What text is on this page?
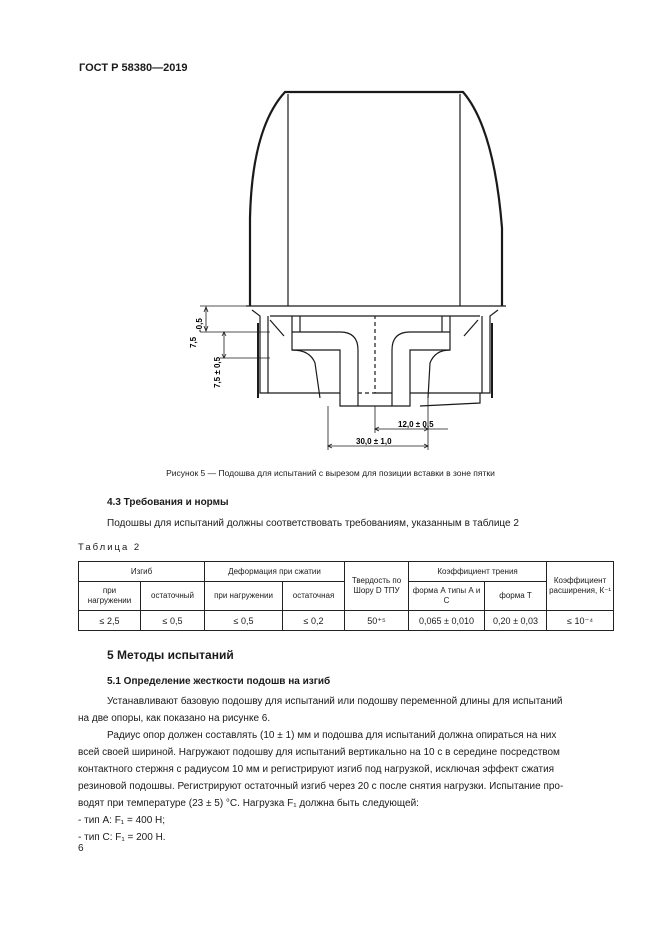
ГОСТ Р 58380—2019
7,5
-0,5
7,5 ± 0,5
12,0 ± 0,5
30,0 ± 1,0
Рисунок 5 — Подошва для испытаний с вырезом для позиции вставки в зоне пятки
4.3 Требования и нормы
Подошвы для испытаний должны соответствовать требованиям, указанным в таблице 2
Таблица 2
Изгиб		Деформация при сжатии		Твердость по Шору D ТПУ	Коэффициент трения		Коэффициент расширения, К⁻¹
при нагружении	остаточный	при нагружении	остаточная		форма А типы А и С	форма Т	
≤ 2,5	≤ 0,5	≤ 0,5	≤ 0,2	50⁺⁵	0,065 ± 0,010	0,20 ± 0,03	≤ 10⁻⁴
5 Методы испытаний
5.1 Определение жесткости подошв на изгиб
Устанавливают базовую подошву для испытаний или подошву переменной длины для испытаний
на две опоры, как показано на рисунке 6.
Радиус опор должен составлять (10 ± 1) мм и подошва для испытаний должна опираться на них
всей своей шириной. Нагружают подошву для испытаний вертикально на 10 с в середине посредством
контактного стержня с радиусом 10 мм и регистрируют изгиб под нагрузкой, исключая эффект сжатия
резиновой подошвы. Регистрируют остаточный изгиб через 20 с после снятия нагрузки. Испытание про-
водят при температуре (23 ± 5) °С. Нагрузка F₁ должна быть следующей:
- тип А: F₁ = 400 Н;
- тип С: F₁ = 200 Н.
6
